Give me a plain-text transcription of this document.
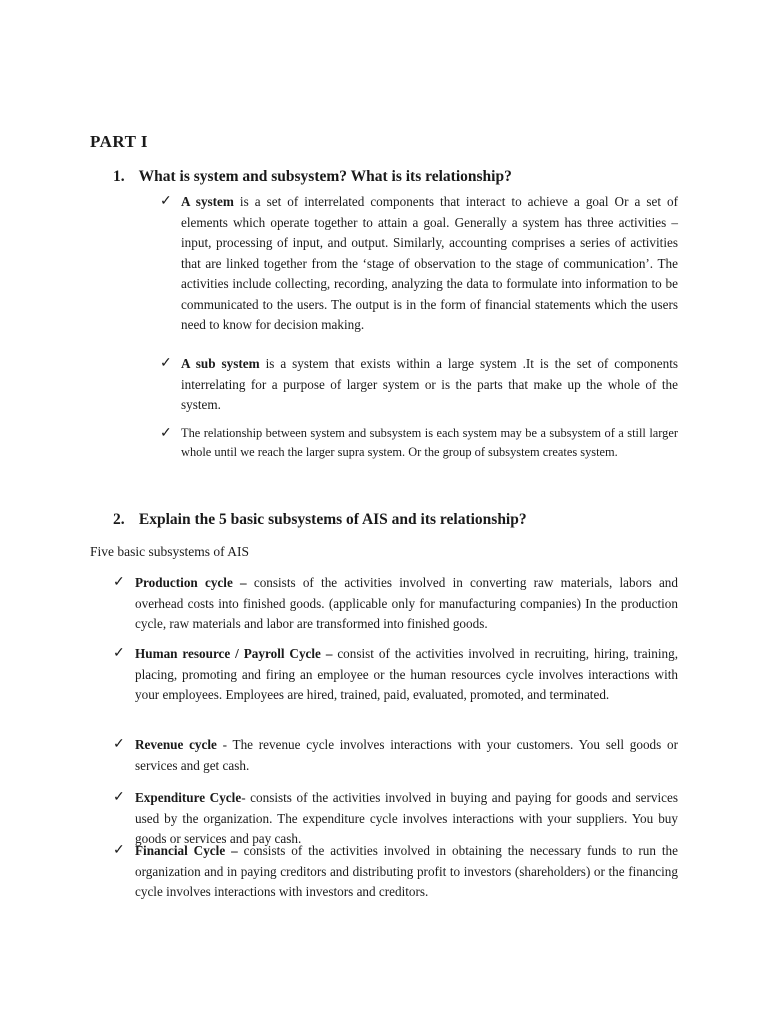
PART I
1. What is system and subsystem? What is its relationship?
✓ A system is a set of interrelated components that interact to achieve a goal Or a set of elements which operate together to attain a goal. Generally a system has three activities – input, processing of input, and output. Similarly, accounting comprises a series of activities that are linked together from the ‘stage of observation to the stage of communication’. The activities include collecting, recording, analyzing the data to formulate into information to be communicated to the users. The output is in the form of financial statements which the users need to know for decision making.
✓ A sub system is a system that exists within a large system .It is the set of components interrelating for a purpose of larger system or is the parts that make up the whole of the system.
✓ The relationship between system and subsystem is each system may be a subsystem of a still larger whole until we reach the larger supra system. Or the group of subsystem creates system.
2. Explain the 5 basic subsystems of AIS and its relationship?
Five basic subsystems of AIS
✓ Production cycle – consists of the activities involved in converting raw materials, labors and overhead costs into finished goods. (applicable only for manufacturing companies) In the production cycle, raw materials and labor are transformed into finished goods.
✓ Human resource / Payroll Cycle – consist of the activities involved in recruiting, hiring, training, placing, promoting and firing an employee or the human resources cycle involves interactions with your employees. Employees are hired, trained, paid, evaluated, promoted, and terminated.
✓ Revenue cycle - The revenue cycle involves interactions with your customers. You sell goods or services and get cash.
✓ Expenditure Cycle- consists of the activities involved in buying and paying for goods and services used by the organization. The expenditure cycle involves interactions with your suppliers. You buy goods or services and pay cash.
✓ Financial Cycle – consists of the activities involved in obtaining the necessary funds to run the organization and in paying creditors and distributing profit to investors (shareholders) or the financing cycle involves interactions with investors and creditors.
